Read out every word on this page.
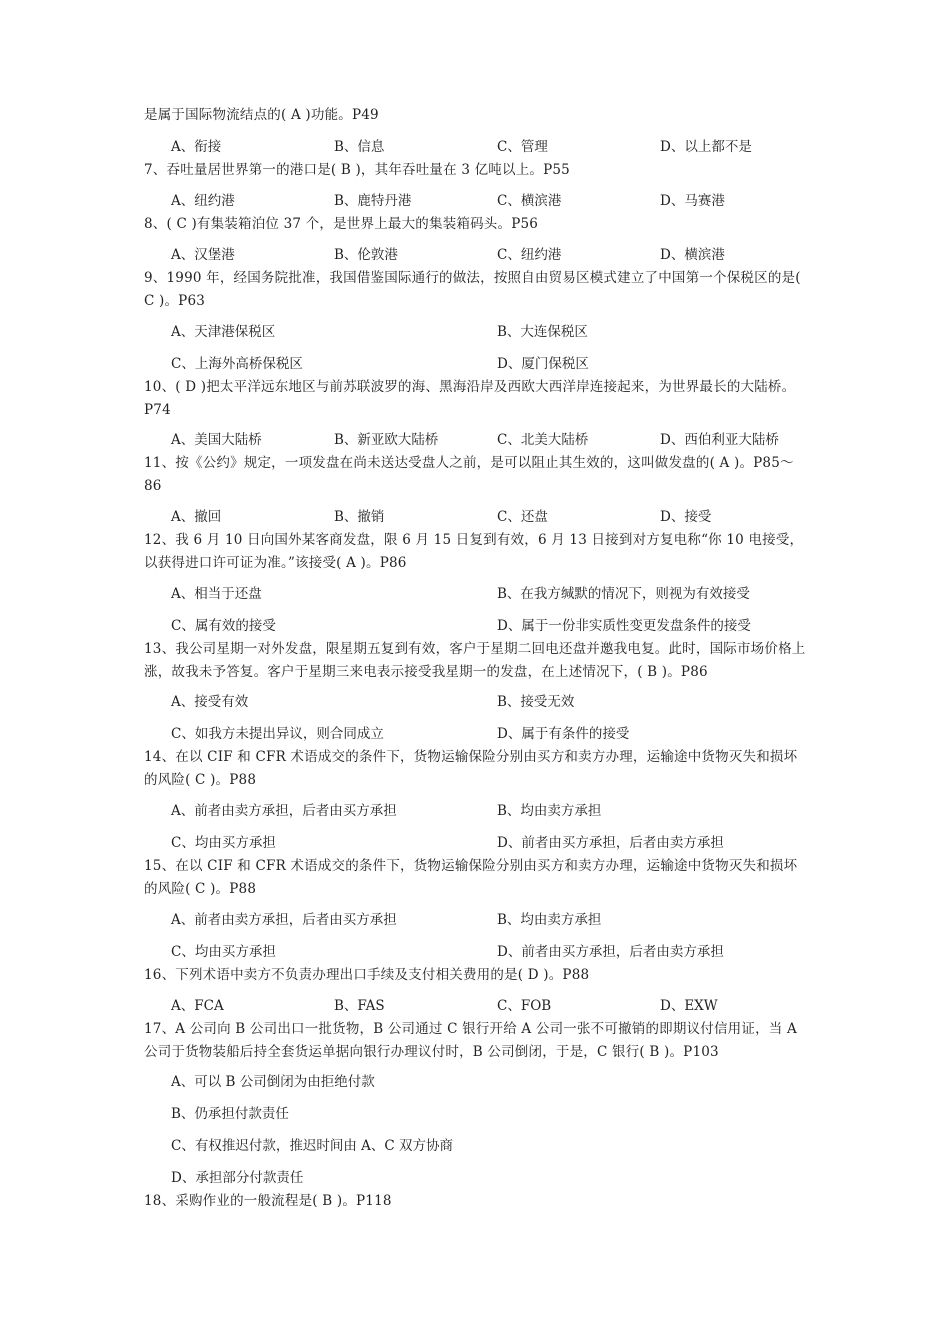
是属于国际物流结点的( A )功能。P49
A、衔接	B、信息	C、管理	D、以上都不是
7、吞吐量居世界第一的港口是( B )，其年吞吐量在 3 亿吨以上。P55
A、纽约港	B、鹿特丹港	C、横滨港	D、马赛港
8、( C )有集装箱泊位 37 个，是世界上最大的集装箱码头。P56
A、汉堡港	B、伦敦港	C、纽约港	D、横滨港
9、1990 年，经国务院批准，我国借鉴国际通行的做法，按照自由贸易区模式建立了中国第一个保税区的是( C )。P63
A、天津港保税区	B、大连保税区
C、上海外高桥保税区	D、厦门保税区
10、( D )把太平洋远东地区与前苏联波罗的海、黑海沿岸及西欧大西洋岸连接起来，为世界最长的大陆桥。P74
A、美国大陆桥	B、新亚欧大陆桥	C、北美大陆桥	D、西伯利亚大陆桥
11、按《公约》规定，一项发盘在尚未送达受盘人之前，是可以阻止其生效的，这叫做发盘的( A )。P85～86
A、撤回	B、撤销	C、还盘	D、接受
12、我 6 月 10 日向国外某客商发盘，限 6 月 15 日复到有效，6 月 13 日接到对方复电称“你 10 电接受，以获得进口许可证为准。”该接受( A )。P86
A、相当于还盘	B、在我方缄默的情况下，则视为有效接受
C、属有效的接受	D、属于一份非实质性变更发盘条件的接受
13、我公司星期一对外发盘，限星期五复到有效，客户于星期二回电还盘并邀我电复。此时，国际市场价格上涨，故我未予答复。客户于星期三来电表示接受我星期一的发盘，在上述情况下，( B )。P86
A、接受有效	B、接受无效
C、如我方未提出异议，则合同成立	D、属于有条件的接受
14、在以 CIF 和 CFR 术语成交的条件下，货物运输保险分别由买方和卖方办理，运输途中货物灭失和损坏的风险( C )。P88
A、前者由卖方承担，后者由买方承担	B、均由卖方承担
C、均由买方承担	D、前者由买方承担，后者由卖方承担
15、在以 CIF 和 CFR 术语成交的条件下，货物运输保险分别由买方和卖方办理，运输途中货物灭失和损坏的风险( C )。P88
A、前者由卖方承担，后者由买方承担	B、均由卖方承担
C、均由买方承担	D、前者由买方承担，后者由卖方承担
16、下列术语中卖方不负责办理出口手续及支付相关费用的是( D )。P88
A、FCA	B、FAS	C、FOB	D、EXW
17、A 公司向 B 公司出口一批货物，B 公司通过 C 银行开给 A 公司一张不可撤销的即期议付信用证，当 A 公司于货物装船后持全套货运单据向银行办理议付时，B 公司倒闭，于是，C 银行( B )。P103
A、可以 B 公司倒闭为由拒绝付款
B、仍承担付款责任
C、有权推迟付款，推迟时间由 A、C 双方协商
D、承担部分付款责任
18、采购作业的一般流程是( B )。P118
